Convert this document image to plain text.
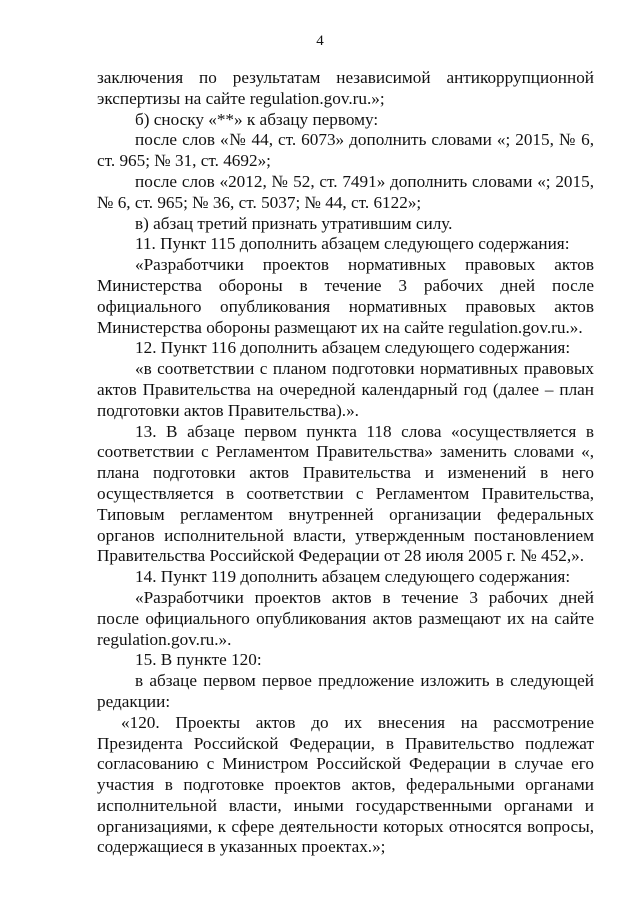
4

заключения по результатам независимой антикоррупционной экспертизы на сайте regulation.gov.ru.»;

б) сноску «**» к абзацу первому:

после слов «№ 44, ст. 6073» дополнить словами «; 2015, № 6, ст. 965; № 31, ст. 4692»;

после слов «2012, № 52, ст. 7491» дополнить словами «; 2015, № 6, ст. 965; № 36, ст. 5037; № 44, ст. 6122»;

в) абзац третий признать утратившим силу.

11. Пункт 115 дополнить абзацем следующего содержания:

«Разработчики проектов нормативных правовых актов Министерства обороны в течение 3 рабочих дней после официального опубликования нормативных правовых актов Министерства обороны размещают их на сайте regulation.gov.ru.».

12. Пункт 116 дополнить абзацем следующего содержания:

«в соответствии с планом подготовки нормативных правовых актов Правительства на очередной календарный год (далее – план подготовки актов Правительства).».

13. В абзаце первом пункта 118 слова «осуществляется в соответствии с Регламентом Правительства» заменить словами «, плана подготовки актов Правительства и изменений в него осуществляется в соответствии с Регламентом Правительства, Типовым регламентом внутренней организации федеральных органов исполнительной власти, утвержденным постановлением Правительства Российской Федерации от 28 июля 2005 г. № 452,».

14. Пункт 119 дополнить абзацем следующего содержания:

«Разработчики проектов актов в течение 3 рабочих дней после официального опубликования актов размещают их на сайте regulation.gov.ru.».

15. В пункте 120:

в абзаце первом первое предложение изложить в следующей редакции:

«120. Проекты актов до их внесения на рассмотрение Президента Российской Федерации, в Правительство подлежат согласованию с Министром Российской Федерации в случае его участия в подготовке проектов актов, федеральными органами исполнительной власти, иными государственными органами и организациями, к сфере деятельности которых относятся вопросы, содержащиеся в указанных проектах.»;
